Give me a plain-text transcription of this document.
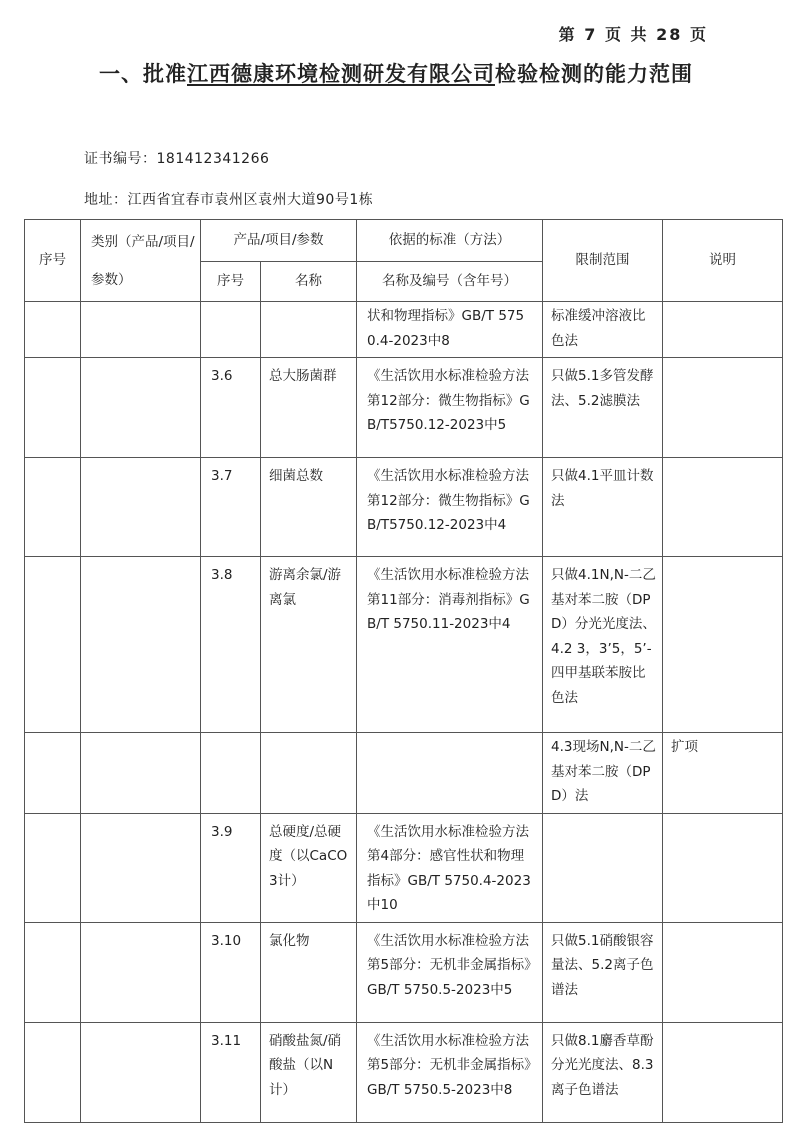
第 7 页 共 28 页
一、批准江西德康环境检测研发有限公司检验检测的能力范围
证书编号：181412341266
地址：江西省宜春市袁州区袁州大道90号1栋
序号	类别（产品/项目/参数）	产品/项目/参数		依据的标准（方法）	限制范围	说明
		序号	名称	名称及编号（含年号）		
				状和物理指标》GB/T 5750.4-2023中8	标准缓冲溶液比色法	
		3.6	总大肠菌群	《生活饮用水标准检验方法 第12部分：微生物指标》GB/T5750.12-2023中5	只做5.1多管发酵法、5.2滤膜法	
		3.7	细菌总数	《生活饮用水标准检验方法 第12部分：微生物指标》GB/T5750.12-2023中4	只做4.1平皿计数法	
		3.8	游离余氯/游离氯	《生活饮用水标准检验方法 第11部分：消毒剂指标》GB/T 5750.11-2023中4	只做4.1N,N-二乙基对苯二胺（DPD）分光光度法、4.2 3，3’5，5’-四甲基联苯胺比色法	
					4.3现场N,N-二乙基对苯二胺（DPD）法	扩项
		3.9	总硬度/总硬度（以CaCO3计）	《生活饮用水标准检验方法 第4部分：感官性状和物理指标》GB/T 5750.4-2023中10		
		3.10	氯化物	《生活饮用水标准检验方法 第5部分：无机非金属指标》GB/T 5750.5-2023中5	只做5.1硝酸银容量法、5.2离子色谱法	
		3.11	硝酸盐氮/硝酸盐（以N计）	《生活饮用水标准检验方法 第5部分：无机非金属指标》GB/T 5750.5-2023中8	只做8.1麝香草酚分光光度法、8.3离子色谱法	
